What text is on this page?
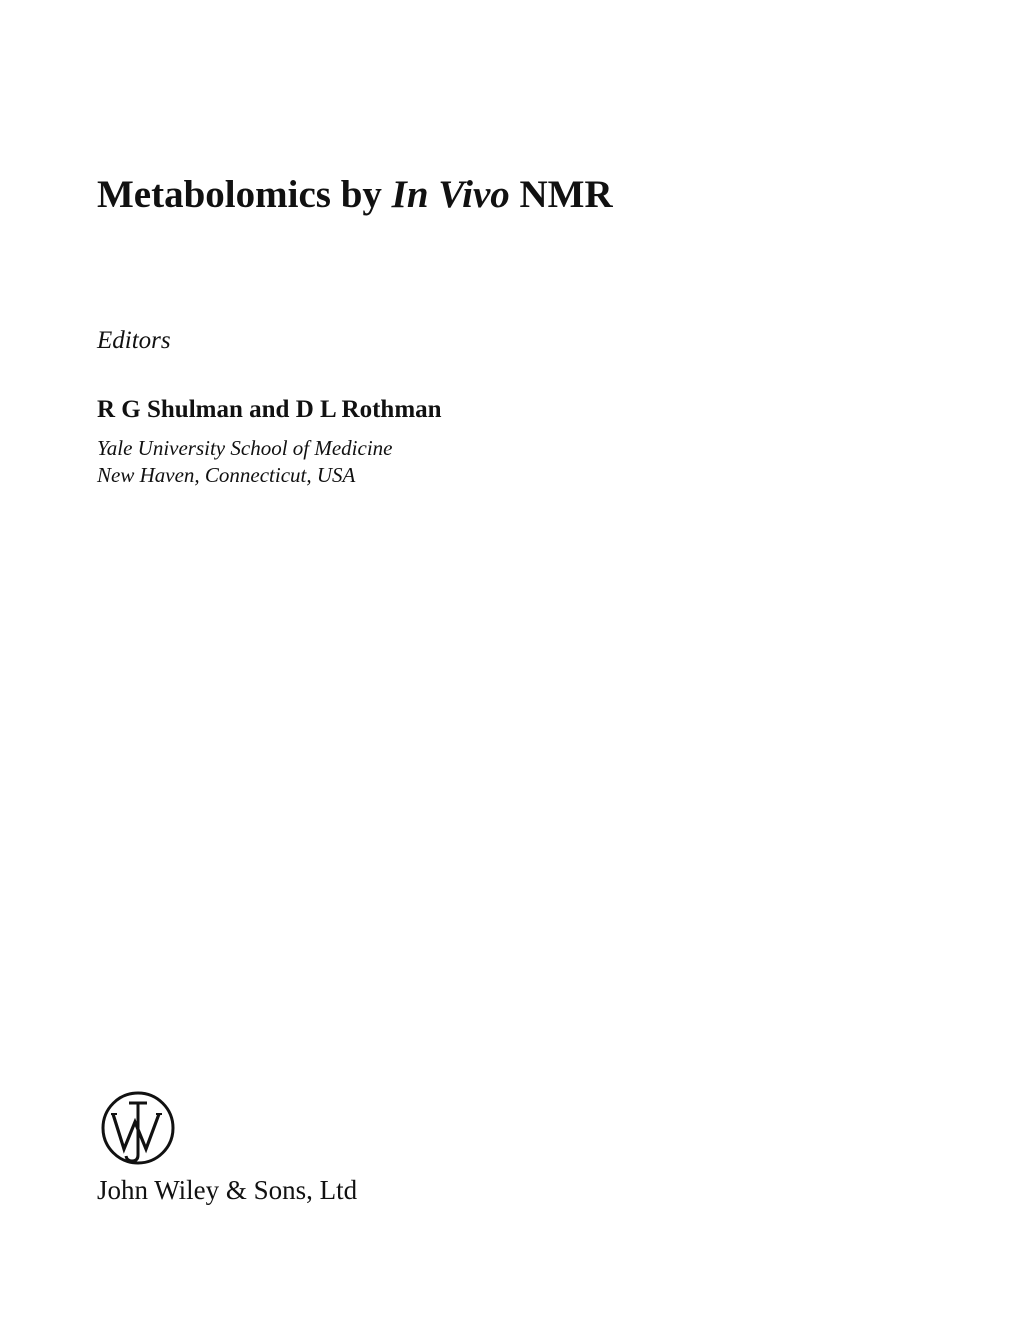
Metabolomics by In Vivo NMR
Editors
R G Shulman and D L Rothman
Yale University School of Medicine
New Haven, Connecticut, USA
John Wiley & Sons, Ltd
